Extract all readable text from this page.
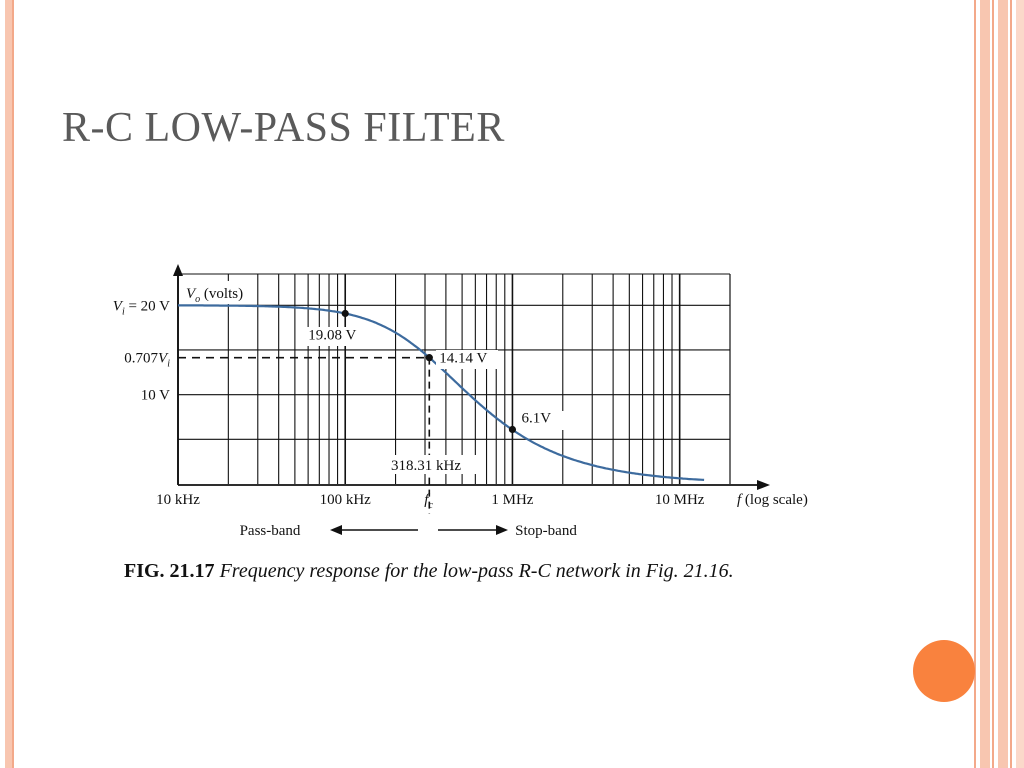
R-C LOW-PASS FILTER
$V_o$ (volts)
$V_i = 20$ V
$0.707V_i$
10 V
10 kHz	100 kHz	1 MHz	10 MHz
$f_c$	f (log scale)
318.31 kHz
19.08 V
14.14 V
6.1V
Pass-band	Stop-band
FIG. 21.17 Frequency response for the low-pass R-C network in Fig. 21.16.
